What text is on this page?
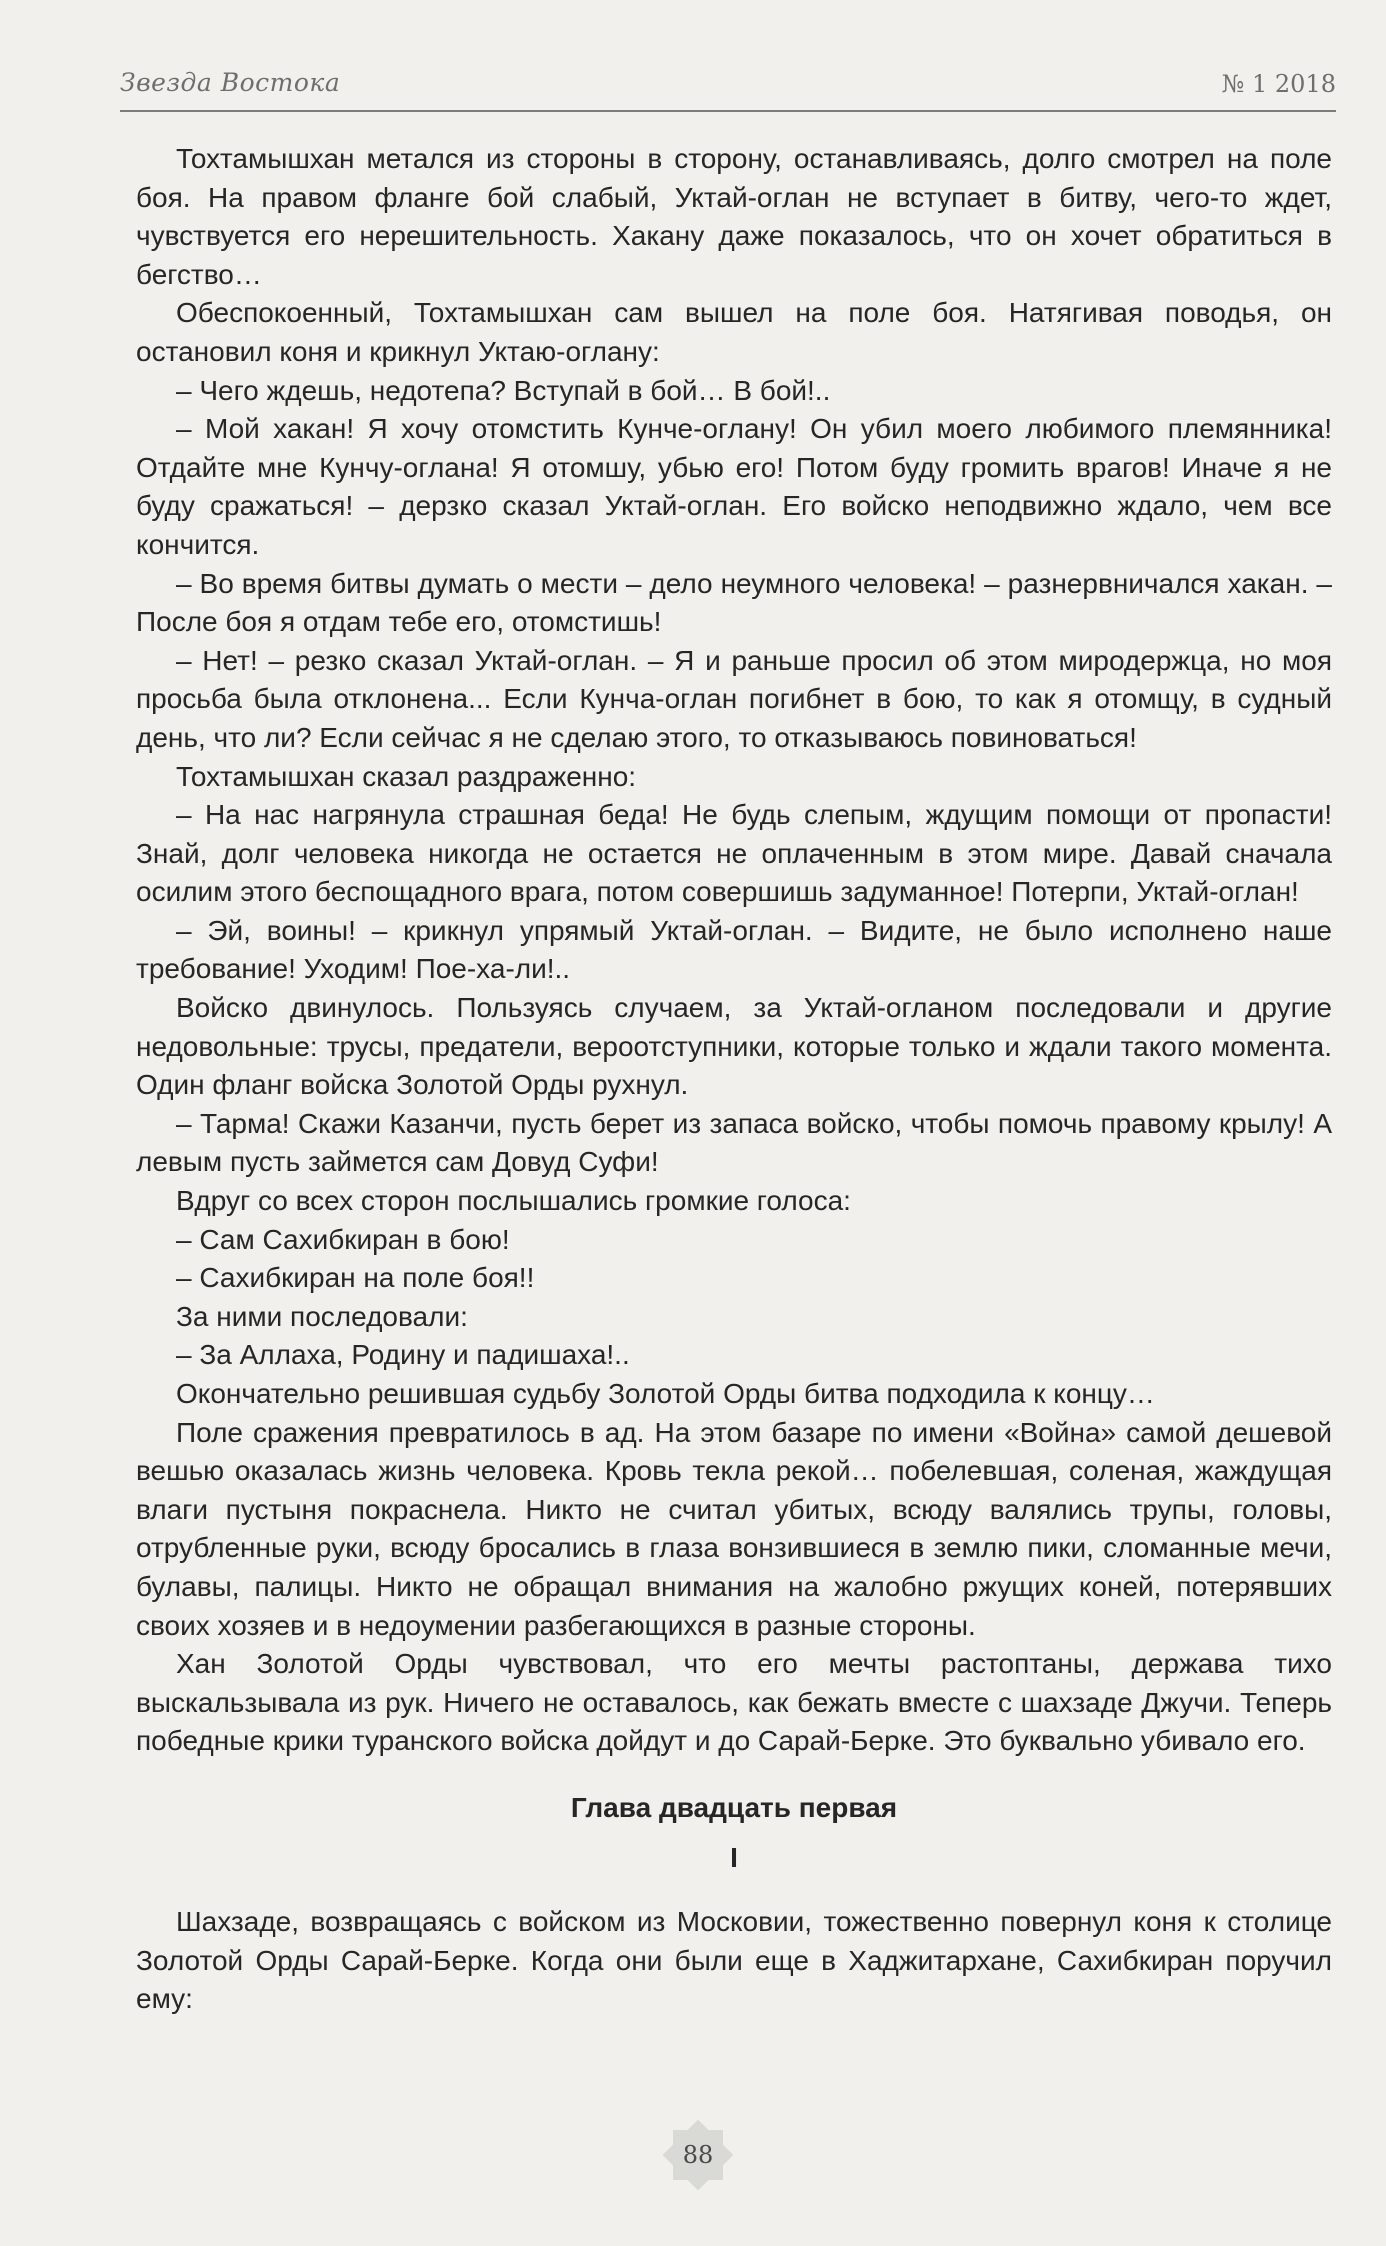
Звезда Востока	№ 1 2018

Тохтамышхан метался из стороны в сторону, останавливаясь, долго смотрел на поле боя. На правом фланге бой слабый, Уктай-оглан не вступает в битву, чего-то ждет, чувствуется его нерешительность. Хакану даже показалось, что он хочет обратиться в бегство…

Обеспокоенный, Тохтамышхан сам вышел на поле боя. Натягивая поводья, он остановил коня и крикнул Уктаю-оглану:

– Чего ждешь, недотепа? Вступай в бой… В бой!..

– Мой хакан! Я хочу отомстить Кунче-оглану! Он убил моего любимого племянника! Отдайте мне Кунчу-оглана! Я отомшу, убью его! Потом буду громить врагов! Иначе я не буду сражаться! – дерзко сказал Уктай-оглан. Его войско неподвижно ждало, чем все кончится.

– Во время битвы думать о мести – дело неумного человека! – разнервничался хакан. – После боя я отдам тебе его, отомстишь!

– Нет! – резко сказал Уктай-оглан. – Я и раньше просил об этом миродержца, но моя просьба была отклонена... Если Кунча-оглан погибнет в бою, то как я отомщу, в судный день, что ли? Если сейчас я не сделаю этого, то отказываюсь повиноваться!

Тохтамышхан сказал раздраженно:

– На нас нагрянула страшная беда! Не будь слепым, ждущим помощи от пропасти! Знай, долг человека никогда не остается не оплаченным в этом мире. Давай сначала осилим этого беспощадного врага, потом совершишь задуманное! Потерпи, Уктай-оглан!

– Эй, воины! – крикнул упрямый Уктай-оглан. – Видите, не было исполнено наше требование! Уходим! Пое-ха-ли!..

Войско двинулось. Пользуясь случаем, за Уктай-огланом последовали и другие недовольные: трусы, предатели, вероотступники, которые только и ждали такого момента. Один фланг войска Золотой Орды рухнул.

– Тарма! Скажи Казанчи, пусть берет из запаса войско, чтобы помочь правому крылу! А левым пусть займется сам Довуд Суфи!

Вдруг со всех сторон послышались громкие голоса:

– Сам Сахибкиран в бою!

– Сахибкиран на поле боя!!

За ними последовали:

– За Аллаха, Родину и падишаха!..

Окончательно решившая судьбу Золотой Орды битва подходила к концу…

Поле сражения превратилось в ад. На этом базаре по имени «Война» самой дешевой вешью оказалась жизнь человека. Кровь текла рекой… побелевшая, соленая, жаждущая влаги пустыня покраснела. Никто не считал убитых, всюду валялись трупы, головы, отрубленные руки, всюду бросались в глаза вонзившиеся в землю пики, сломанные мечи, булавы, палицы. Никто не обращал внимания на жалобно ржущих коней, потерявших своих хозяев и в недоумении разбегающихся в разные стороны.

Хан Золотой Орды чувствовал, что его мечты растоптаны, держава тихо выскальзывала из рук. Ничего не оставалось, как бежать вместе с шахзаде Джучи. Теперь победные крики туранского войска дойдут и до Сарай-Берке. Это буквально убивало его.

Глава двадцать первая
I

Шахзаде, возвращаясь с войском из Московии, тожественно повернул коня к столице Золотой Орды Сарай-Берке. Когда они были еще в Хаджитархане, Сахибкиран поручил ему:

88
